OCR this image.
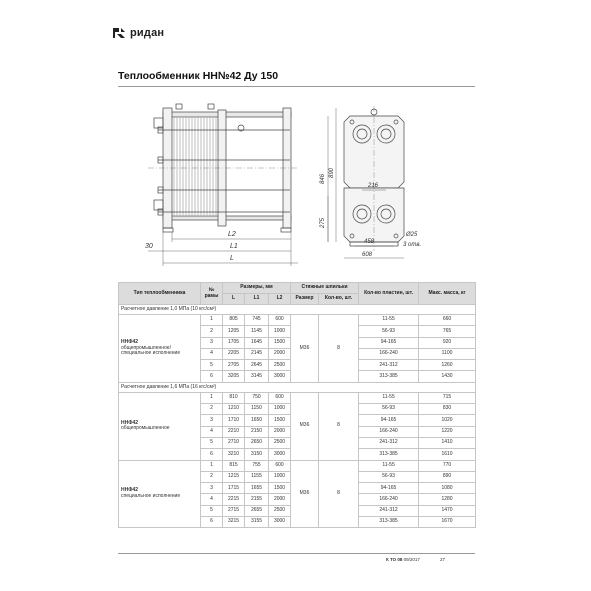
ридан
Теплообменник НН№42 Ду 150
L2
L1
L
30
846
890
275
216
458
608
Ø25
3 отв.
Тип теплообменника	№ рамы	Размеры, мм			Стяжные шпильки		Кол-во пластин, шт.	Макс. масса, кг
		L	L1	L2	Размер	Кол-во, шт.		
Расчетное давление 1,0 МПа (10 кгс/см²)								
ННФ42
общепромышленное/ специальное исполнение	1	805	745	600	М36	8	11-55	660
	2	1205	1145	1000			56-93	765
	3	1705	1645	1500			94-165	920
	4	2205	2145	2000			166-240	1100
	5	2705	2645	2500			241-312	1260
	6	3205	3145	3000			313-385	1430
Расчетное давление 1,6 МПа (16 кгс/см²)								
ННФ42
общепромышленное	1	810	750	600	М36	8	11-55	715
	2	1210	1150	1000			56-93	830
	3	1710	1650	1500			94-165	1020
	4	2210	2150	2000			166-240	1220
	5	2710	2650	2500			241-312	1410
	6	3210	3150	3000			313-385	1610
ННФ42
специальное исполнение	1	815	755	600	М36	8	11-55	770
	2	1215	1155	1000			56-93	890
	3	1715	1655	1500			94-165	1080
	4	2215	2155	2000			166-240	1280
	5	2715	2655	2500			241-312	1470
	6	3215	3155	3000			313-385	1670
К ТО 08 09/2017	27
